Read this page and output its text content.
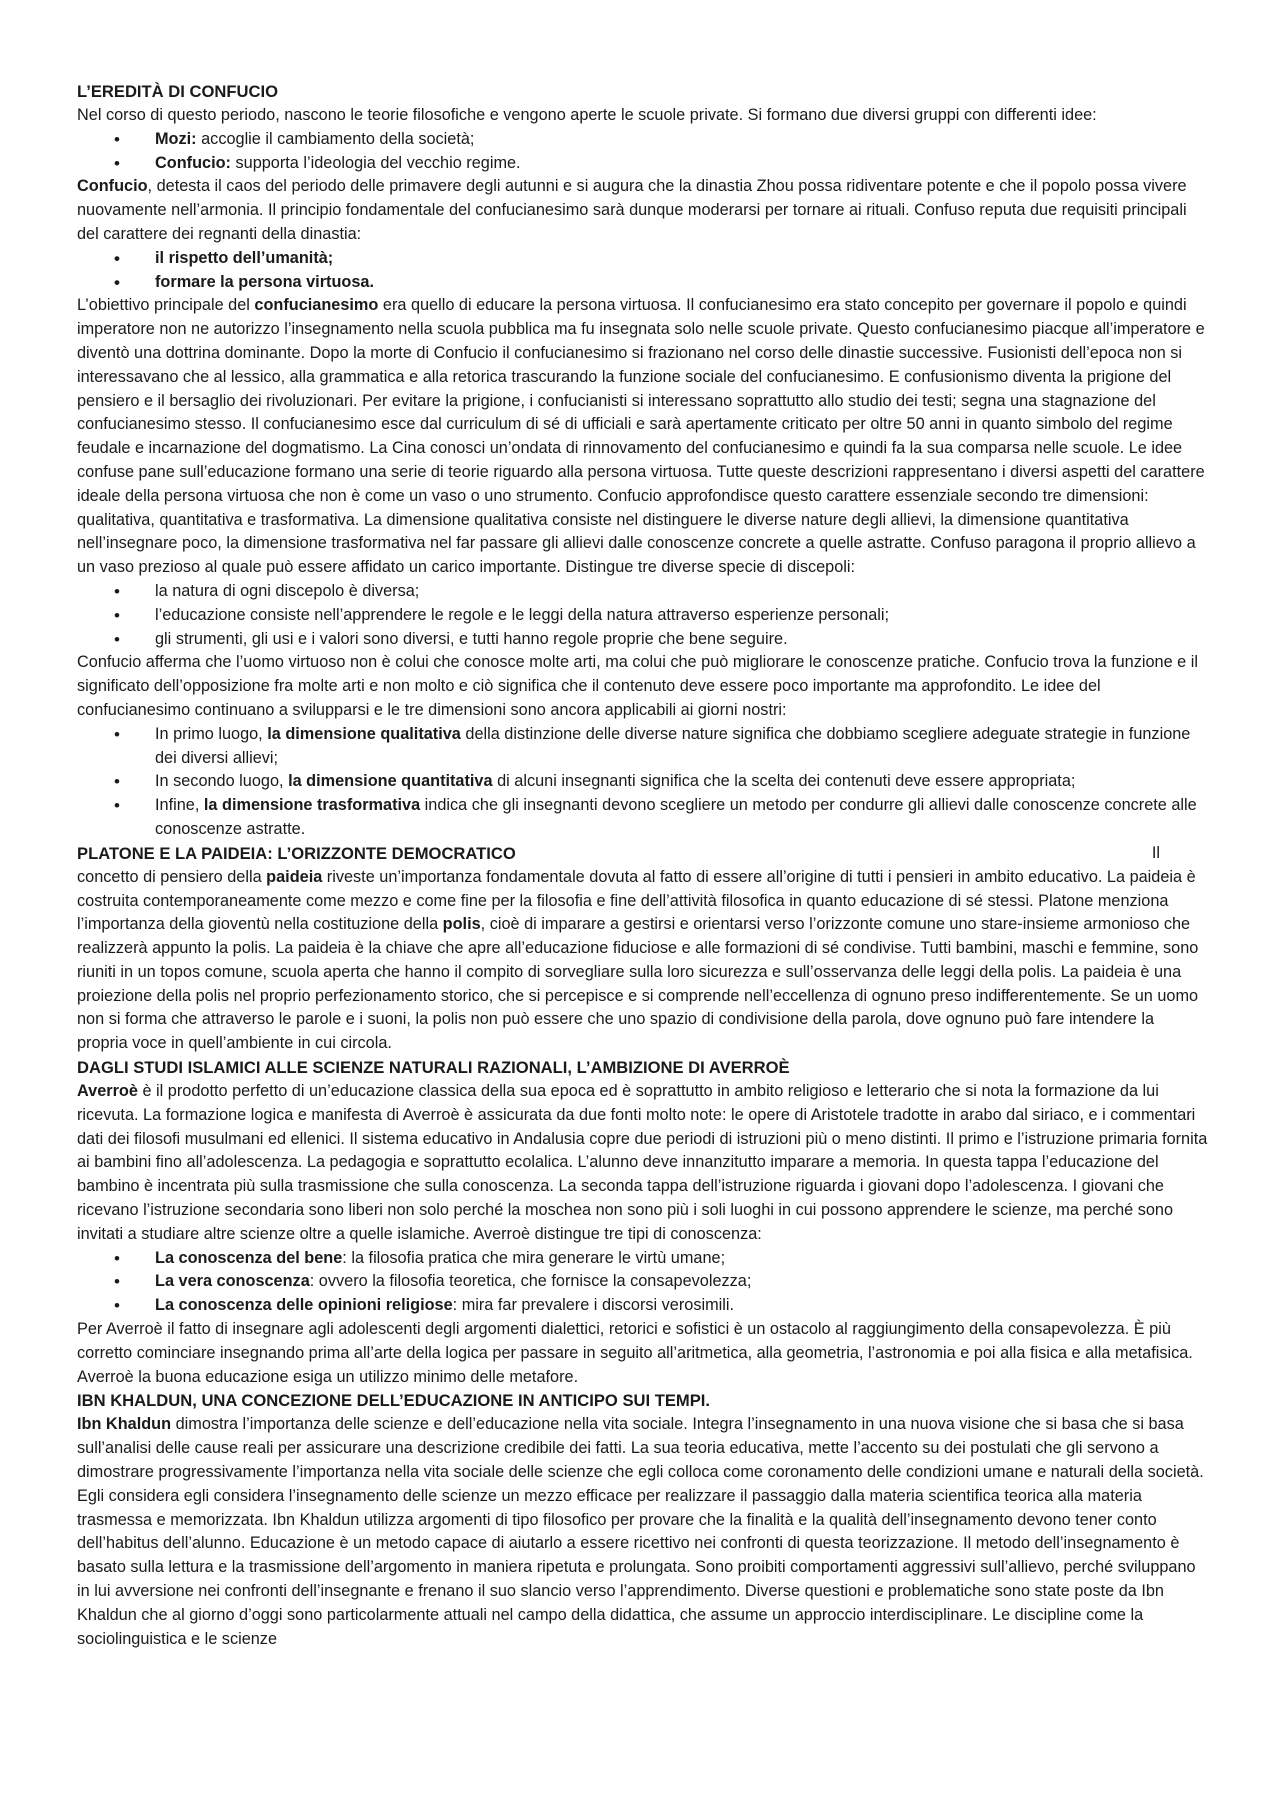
L’EREDITÀ DI CONFUCIO

Nel corso di questo periodo, nascono le teorie filosofiche e vengono aperte le scuole private. Si formano due diversi gruppi con differenti idee:

• Mozi: accoglie il cambiamento della società;
• Confucio: supporta l’ideologia del vecchio regime.

Confucio, detesta il caos del periodo delle primavere degli autunni e si augura che la dinastia Zhou possa ridiventare potente e che il popolo possa vivere nuovamente nell’armonia. Il principio fondamentale del confucianesimo sarà dunque moderarsi per tornare ai rituali. Confuso reputa due requisiti principali del carattere dei regnanti della dinastia:

• il rispetto dell’umanità;
• formare la persona virtuosa.

L’obiettivo principale del confucianesimo era quello di educare la persona virtuosa. Il confucianesimo era stato concepito per governare il popolo e quindi imperatore non ne autorizzo l’insegnamento nella scuola pubblica ma fu insegnata solo nelle scuole private. Questo confucianesimo piacque all’imperatore e diventò una dottrina dominante. Dopo la morte di Confucio il confucianesimo si frazionano nel corso delle dinastie successive. Fusionisti dell’epoca non si interessavano che al lessico, alla grammatica e alla retorica trascurando la funzione sociale del confucianesimo. E confusionismo diventa la prigione del pensiero e il bersaglio dei rivoluzionari. Per evitare la prigione, i confucianisti si interessano soprattutto allo studio dei testi; segna una stagnazione del confucianesimo stesso. Il confucianesimo esce dal curriculum di sé di ufficiali e sarà apertamente criticato per oltre 50 anni in quanto simbolo del regime feudale e incarnazione del dogmatismo. La Cina conosci un’ondata di rinnovamento del confucianesimo e quindi fa la sua comparsa nelle scuole. Le idee confuse pane sull’educazione formano una serie di teorie riguardo alla persona virtuosa. Tutte queste descrizioni rappresentano i diversi aspetti del carattere ideale della persona virtuosa che non è come un vaso o uno strumento. Confucio approfondisce questo carattere essenziale secondo tre dimensioni: qualitativa, quantitativa e trasformativa. La dimensione qualitativa consiste nel distinguere le diverse nature degli allievi, la dimensione quantitativa nell’insegnare poco, la dimensione trasformativa nel far passare gli allievi dalle conoscenze concrete a quelle astratte. Confuso paragona il proprio allievo a un vaso prezioso al quale può essere affidato un carico importante. Distingue tre diverse specie di discepoli:

• la natura di ogni discepolo è diversa;
• l’educazione consiste nell’apprendere le regole e le leggi della natura attraverso esperienze personali;
• gli strumenti, gli usi e i valori sono diversi, e tutti hanno regole proprie che bene seguire.

Confucio afferma che l’uomo virtuoso non è colui che conosce molte arti, ma colui che può migliorare le conoscenze pratiche. Confucio trova la funzione e il significato dell’opposizione fra molte arti e non molto e ciò significa che il contenuto deve essere poco importante ma approfondito. Le idee del confucianesimo continuano a svilupparsi e le tre dimensioni sono ancora applicabili ai giorni nostri:

• In primo luogo, la dimensione qualitativa della distinzione delle diverse nature significa che dobbiamo scegliere adeguate strategie in funzione dei diversi allievi;
• In secondo luogo, la dimensione quantitativa di alcuni insegnanti significa che la scelta dei contenuti deve essere appropriata;
• Infine, la dimensione trasformativa indica che gli insegnanti devono scegliere un metodo per condurre gli allievi dalle conoscenze concrete alle conoscenze astratte.
PLATONE E LA PAIDEIA: L’ORIZZONTE DEMOCRATICO	Il

concetto di pensiero della paideia riveste un’importanza fondamentale dovuta al fatto di essere all’origine di tutti i pensieri in ambito educativo. La paideia è costruita contemporaneamente come mezzo e come fine per la filosofia e fine dell’attività filosofica in quanto educazione di sé stessi. Platone menziona l’importanza della gioventù nella costituzione della polis, cioè di imparare a gestirsi e orientarsi verso l’orizzonte comune uno stare-insieme armonioso che realizzerà appunto la polis. La paideia è la chiave che apre all’educazione fiduciose e alle formazioni di sé condivise. Tutti bambini, maschi e femmine, sono riuniti in un topos comune, scuola aperta che hanno il compito di sorvegliare sulla loro sicurezza e sull’osservanza delle leggi della polis. La paideia è una proiezione della polis nel proprio perfezionamento storico, che si percepisce e si comprende nell’eccellenza di ognuno preso indifferentemente. Se un uomo non si forma che attraverso le parole e i suoni, la polis non può essere che uno spazio di condivisione della parola, dove ognuno può fare intendere la propria voce in quell’ambiente in cui circola.

DAGLI STUDI ISLAMICI ALLE SCIENZE NATURALI RAZIONALI, L’AMBIZIONE DI AVERROÈ

Averroè è il prodotto perfetto di un’educazione classica della sua epoca ed è soprattutto in ambito religioso e letterario che si nota la formazione da lui ricevuta. La formazione logica e manifesta di Averroè è assicurata da due fonti molto note: le opere di Aristotele tradotte in arabo dal siriaco, e i commentari dati dei filosofi musulmani ed ellenici. Il sistema educativo in Andalusia copre due periodi di istruzioni più o meno distinti. Il primo e l’istruzione primaria fornita ai bambini fino all’adolescenza. La pedagogia e soprattutto ecolalica. L’alunno deve innanzitutto imparare a memoria. In questa tappa l’educazione del bambino è incentrata più sulla trasmissione che sulla conoscenza. La seconda tappa dell’istruzione riguarda i giovani dopo l’adolescenza. I giovani che ricevano l’istruzione secondaria sono liberi non solo perché la moschea non sono più i soli luoghi in cui possono apprendere le scienze, ma perché sono invitati a studiare altre scienze oltre a quelle islamiche. Averroè distingue tre tipi di conoscenza:

• La conoscenza del bene: la filosofia pratica che mira generare le virtù umane;
• La vera conoscenza: ovvero la filosofia teoretica, che fornisce la consapevolezza;
• La conoscenza delle opinioni religiose: mira far prevalere i discorsi verosimili.

Per Averroè il fatto di insegnare agli adolescenti degli argomenti dialettici, retorici e sofistici è un ostacolo al raggiungimento della consapevolezza. È più corretto cominciare insegnando prima all’arte della logica per passare in seguito all’aritmetica, alla geometria, l’astronomia e poi alla fisica e alla metafisica. Averroè la buona educazione esiga un utilizzo minimo delle metafore.

IBN KHALDUN, UNA CONCEZIONE DELL’EDUCAZIONE IN ANTICIPO SUI TEMPI.

Ibn Khaldun dimostra l’importanza delle scienze e dell’educazione nella vita sociale. Integra l’insegnamento in una nuova visione che si basa che si basa sull’analisi delle cause reali per assicurare una descrizione credibile dei fatti. La sua teoria educativa, mette l’accento su dei postulati che gli servono a dimostrare progressivamente l’importanza nella vita sociale delle scienze che egli colloca come coronamento delle condizioni umane e naturali della società. Egli considera egli considera l’insegnamento delle scienze un mezzo efficace per realizzare il passaggio dalla materia scientifica teorica alla materia trasmessa e memorizzata. Ibn Khaldun utilizza argomenti di tipo filosofico per provare che la finalità e la qualità dell’insegnamento devono tener conto dell’habitus dell’alunno. Educazione è un metodo capace di aiutarlo a essere ricettivo nei confronti di questa teorizzazione. Il metodo dell’insegnamento è basato sulla lettura e la trasmissione dell’argomento in maniera ripetuta e prolungata. Sono proibiti comportamenti aggressivi sull’allievo, perché sviluppano in lui avversione nei confronti dell’insegnante e frenano il suo slancio verso l’apprendimento. Diverse questioni e problematiche sono state poste da Ibn Khaldun che al giorno d’oggi sono particolarmente attuali nel campo della didattica, che assume un approccio interdisciplinare. Le discipline come la sociolinguistica e le scienze
